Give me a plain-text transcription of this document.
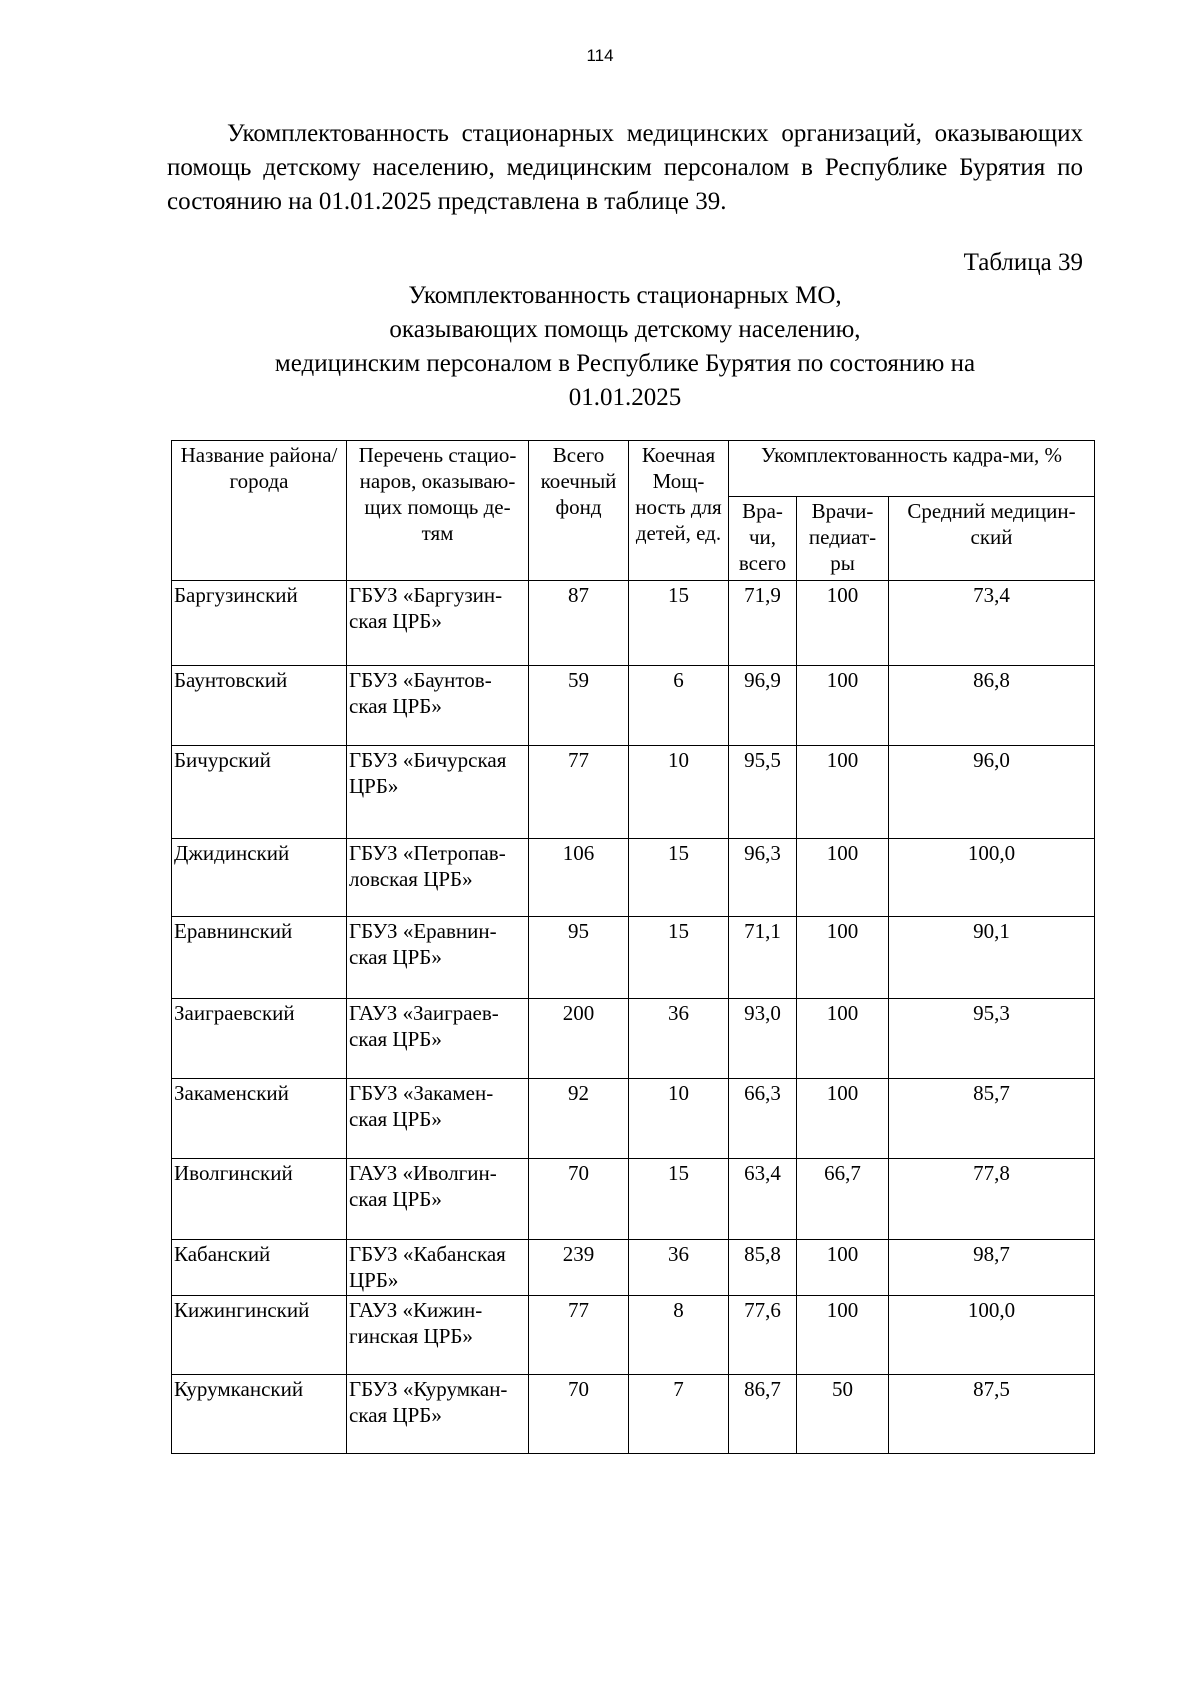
114

Укомплектованность стационарных медицинских организаций, оказывающих помощь детскому населению, медицинским персоналом в Республике Бурятия по состоянию на 01.01.2025 представлена в таблице 39.

Таблица 39
Укомплектованность стационарных МО,
оказывающих помощь детскому населению,
медицинским персоналом в Республике Бурятия по состоянию на
01.01.2025
Название района/города	Перечень стацио-наров, оказываю-щих помощь де-тям	Всего коечный фонд	Коечная Мощ-ность для детей, ед.	Укомплектованность кадра-ми, %		
				Вра-чи, всего	Врачи-педиат-ры	Средний медицин-ский
Баргузинский	ГБУЗ «Баргузин-ская ЦРБ»	87	15	71,9	100	73,4
Баунтовский	ГБУЗ «Баунтов-ская ЦРБ»	59	6	96,9	100	86,8
Бичурский	ГБУЗ «Бичурская ЦРБ»	77	10	95,5	100	96,0
Джидинский	ГБУЗ «Петропав-ловская ЦРБ»	106	15	96,3	100	100,0
Еравнинский	ГБУЗ «Еравнин-ская ЦРБ»	95	15	71,1	100	90,1
Заиграевский	ГАУЗ «Заиграев-ская ЦРБ»	200	36	93,0	100	95,3
Закаменский	ГБУЗ «Закамен-ская ЦРБ»	92	10	66,3	100	85,7
Иволгинский	ГАУЗ «Иволгин-ская ЦРБ»	70	15	63,4	66,7	77,8
Кабанский	ГБУЗ «Кабанская ЦРБ»	239	36	85,8	100	98,7
Кижингинский	ГАУЗ «Кижин-гинская ЦРБ»	77	8	77,6	100	100,0
Курумканский	ГБУЗ «Курумкан-ская ЦРБ»	70	7	86,7	50	87,5
